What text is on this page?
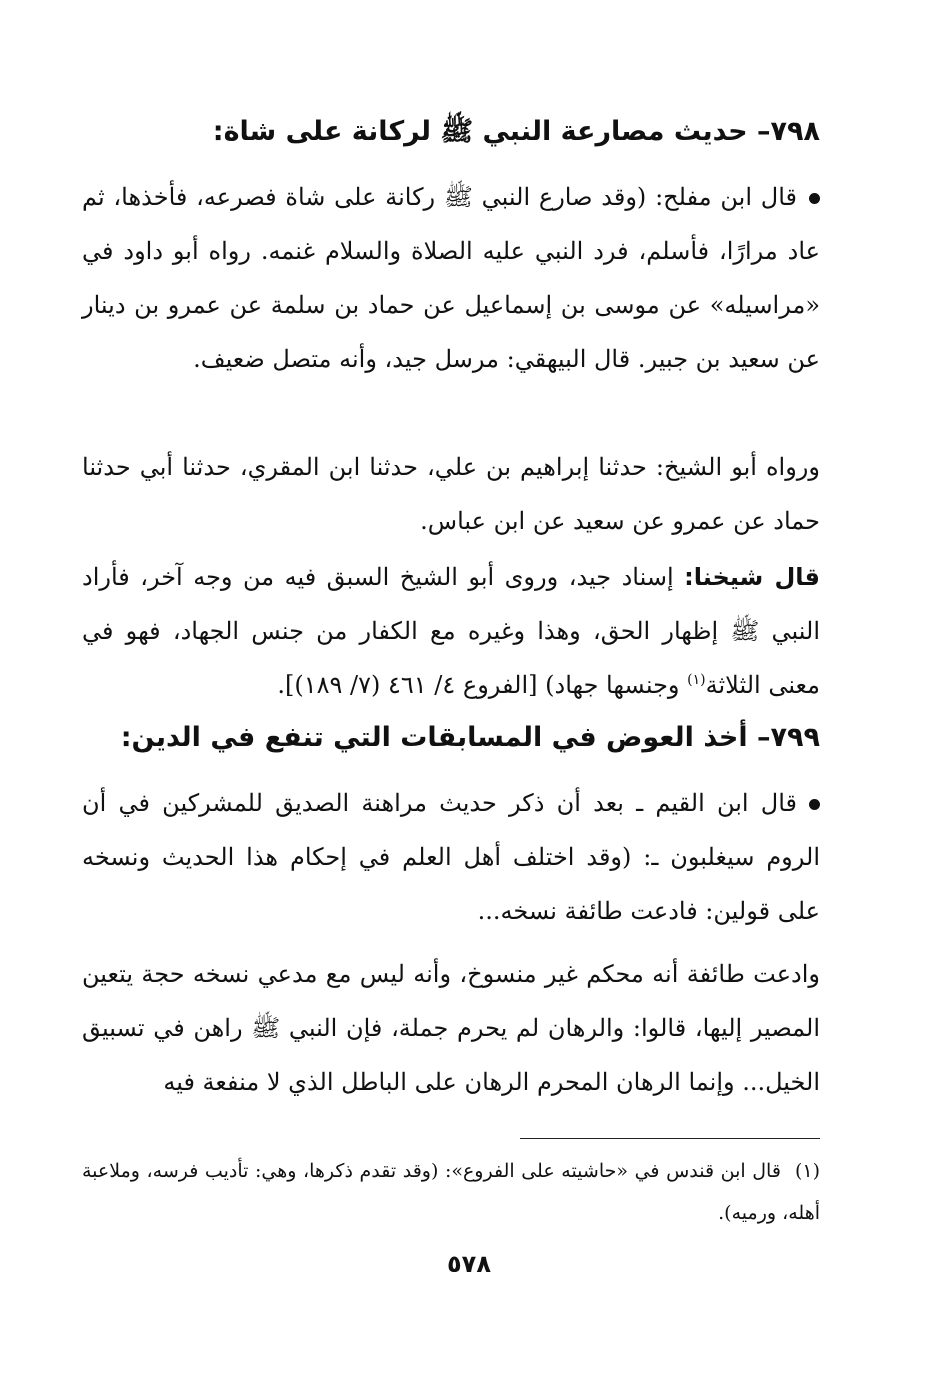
٧٩٨– حديث مصارعة النبي ﷺ لركانة على شاة:

قال ابن مفلح: (وقد صارع النبي ﷺ ركانة على شاة فصرعه، فأخذها، ثم عاد مرارًا، فأسلم، فرد النبي عليه الصلاة والسلام غنمه. رواه أبو داود في «مراسيله» عن موسى بن إسماعيل عن حماد بن سلمة عن عمرو بن دينار عن سعيد بن جبير. قال البيهقي: مرسل جيد، وأنه متصل ضعيف.

ورواه أبو الشيخ: حدثنا إبراهيم بن علي، حدثنا ابن المقري، حدثنا أبي حدثنا حماد عن عمرو عن سعيد عن ابن عباس.

قال شيخنا: إسناد جيد، وروى أبو الشيخ السبق فيه من وجه آخر، فأراد النبي ﷺ إظهار الحق، وهذا وغيره مع الكفار من جنس الجهاد، فهو في معنى الثلاثة$^{(١)}$ وجنسها جهاد) [الفروع ٤/ ٤٦١ (٧/ ١٨٩)].

٧٩٩– أخذ العوض في المسابقات التي تنفع في الدين:

قال ابن القيم ـ بعد أن ذكر حديث مراهنة الصديق للمشركين في أن الروم سيغلبون ـ: (وقد اختلف أهل العلم في إحكام هذا الحديث ونسخه على قولين: فادعت طائفة نسخه...

وادعت طائفة أنه محكم غير منسوخ، وأنه ليس مع مدعي نسخه حجة يتعين المصير إليها، قالوا: والرهان لم يحرم جملة، فإن النبي ﷺ راهن في تسبيق الخيل... وإنما الرهان المحرم الرهان على الباطل الذي لا منفعة فيه

(١)قال ابن قندس في «حاشيته على الفروع»: (وقد تقدم ذكرها، وهي: تأديب فرسه، وملاعبة أهله، ورميه).
٥٧٨
